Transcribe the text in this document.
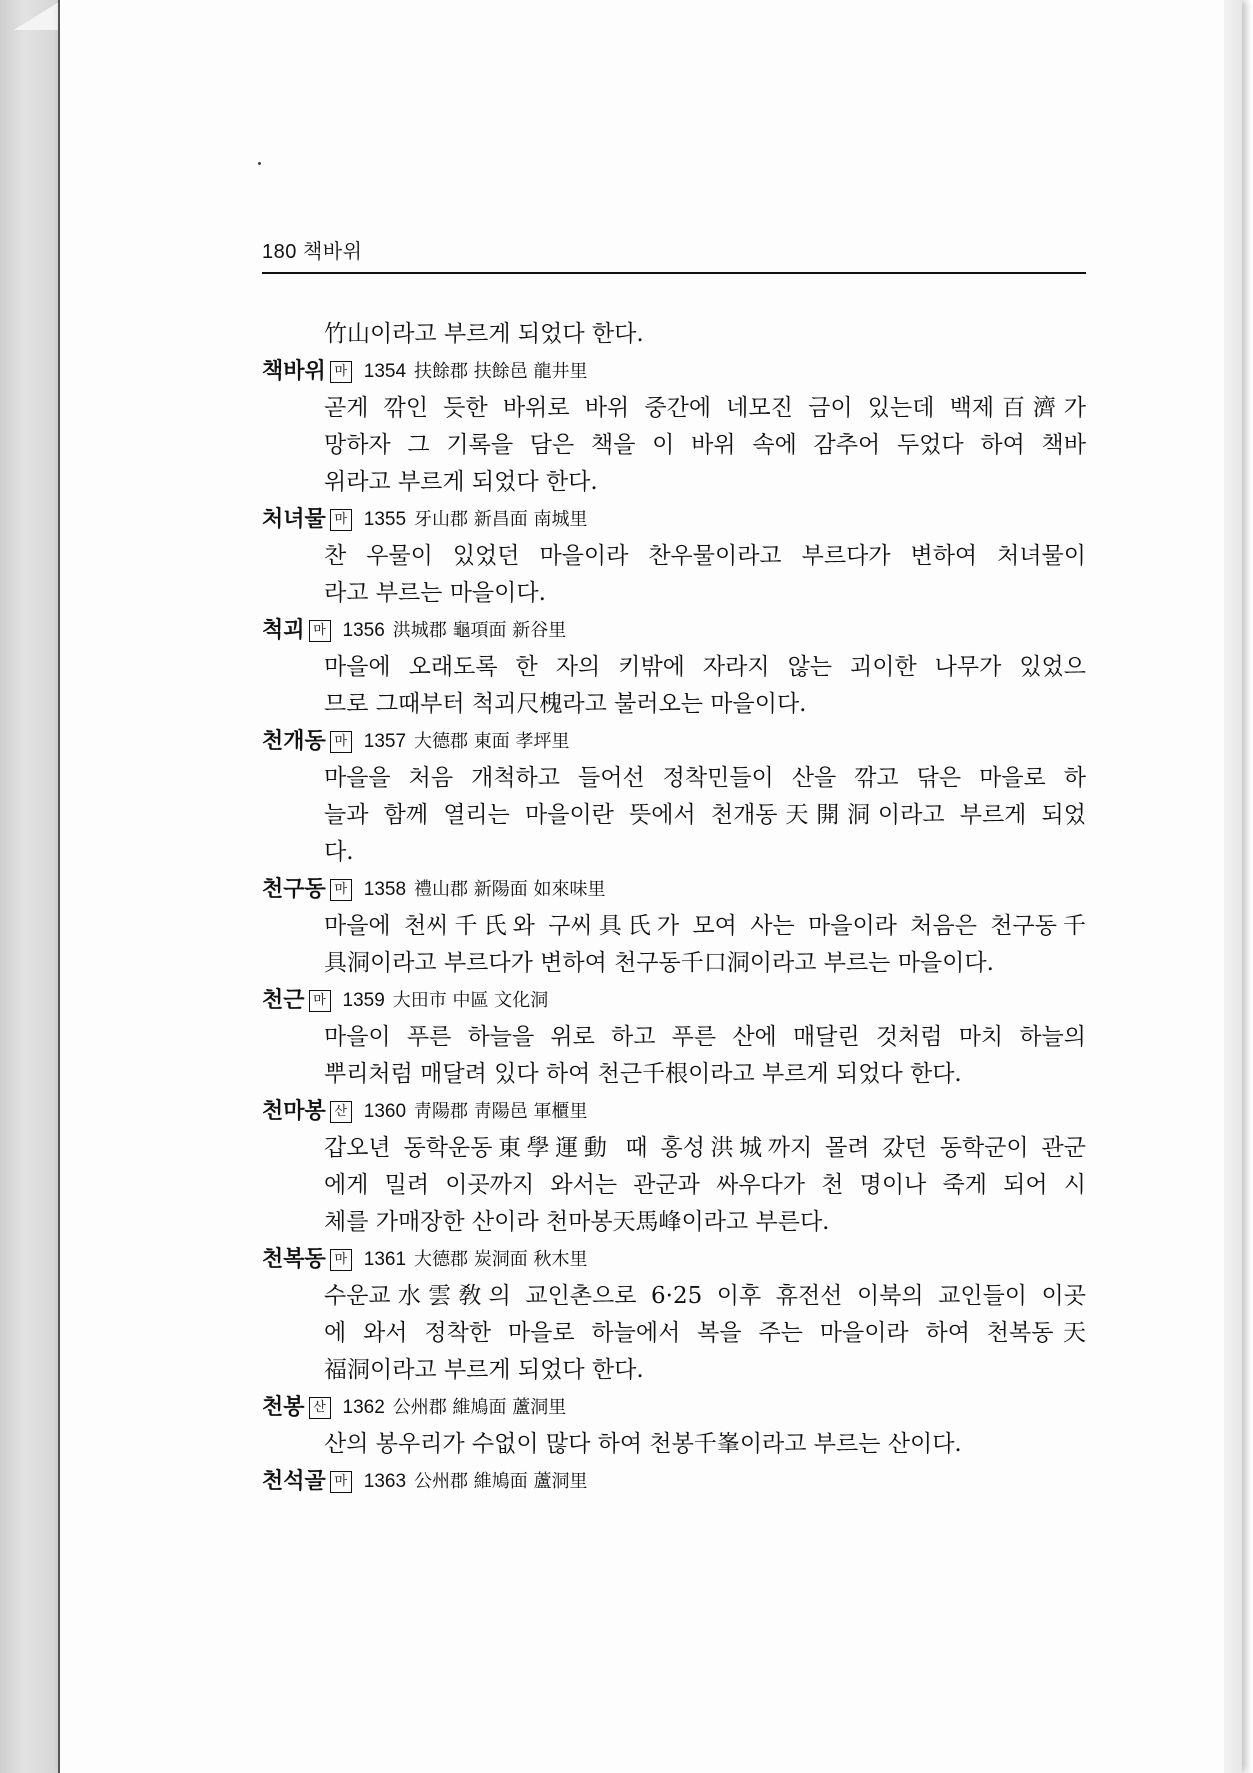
180 책바위
竹山이라고 부르게 되었다 한다.
책바위 마 1354 扶餘郡 扶餘邑 龍井里
곧게 깎인 듯한 바위로 바위 중간에 네모진 금이 있는데 백제百濟가
망하자 그 기록을 담은 책을 이 바위 속에 감추어 두었다 하여 책바
위라고 부르게 되었다 한다.
처녀물 마 1355 牙山郡 新昌面 南城里
찬 우물이 있었던 마을이라 찬우물이라고 부르다가 변하여 처녀물이
라고 부르는 마을이다.
척괴 마 1356 洪城郡 龜項面 新谷里
마을에 오래도록 한 자의 키밖에 자라지 않는 괴이한 나무가 있었으
므로 그때부터 척괴尺槐라고 불러오는 마을이다.
천개동 마 1357 大德郡 東面 孝坪里
마을을 처음 개척하고 들어선 정착민들이 산을 깎고 닦은 마을로 하
늘과 함께 열리는 마을이란 뜻에서 천개동天開洞이라고 부르게 되었
다.
천구동 마 1358 禮山郡 新陽面 如來味里
마을에 천씨千氏와 구씨具氏가 모여 사는 마을이라 처음은 천구동千
具洞이라고 부르다가 변하여 천구동千口洞이라고 부르는 마을이다.
천근 마 1359 大田市 中區 文化洞
마을이 푸른 하늘을 위로 하고 푸른 산에 매달린 것처럼 마치 하늘의
뿌리처럼 매달려 있다 하여 천근千根이라고 부르게 되었다 한다.
천마봉 산 1360 靑陽郡 靑陽邑 軍櫃里
갑오년 동학운동東學運動 때 홍성洪城까지 몰려 갔던 동학군이 관군
에게 밀려 이곳까지 와서는 관군과 싸우다가 천 명이나 죽게 되어 시
체를 가매장한 산이라 천마봉天馬峰이라고 부른다.
천복동 마 1361 大德郡 炭洞面 秋木里
수운교水雲敎의 교인촌으로 6·25 이후 휴전선 이북의 교인들이 이곳
에 와서 정착한 마을로 하늘에서 복을 주는 마을이라 하여 천복동天
福洞이라고 부르게 되었다 한다.
천봉 산 1362 公州郡 維鳩面 蘆洞里
산의 봉우리가 수없이 많다 하여 천봉千峯이라고 부르는 산이다.
천석골 마 1363 公州郡 維鳩面 蘆洞里
